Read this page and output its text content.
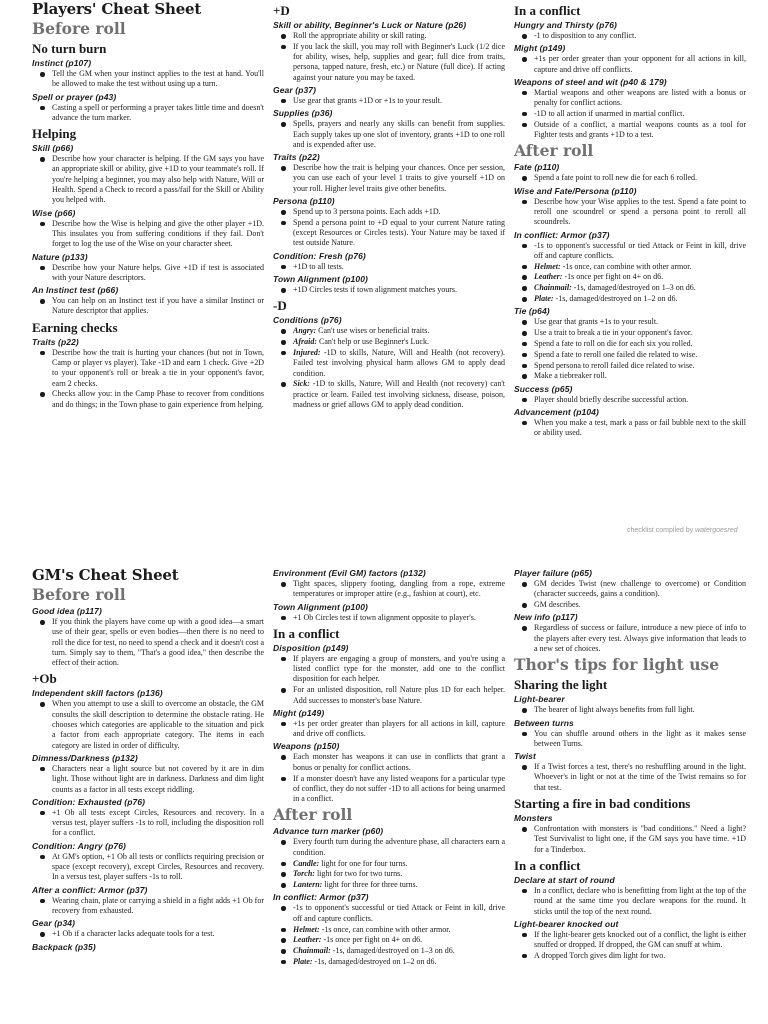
Players' Cheat Sheet
Before roll
No turn burn
Instinct (p107)
Tell the GM when your instinct applies to the test at hand. You'll be allowed to make the test without using up a turn.
Spell or prayer (p43)
Casting a spell or performing a prayer takes little time and doesn't advance the turn marker.
Helping
Skill (p66)
Describe how your character is helping. If the GM says you have an appropriate skill or ability, give +1D to your teammate's roll. If you're helping a beginner, you may also help with Nature, Will or Health. Spend a Check to record a pass/fail for the Skill or Ability you helped with.
Wise (p66)
Describe how the Wise is helping and give the other player +1D. This insulates you from suffering conditions if they fail. Don't forget to log the use of the Wise on your character sheet.
Nature (p133)
Describe how your Nature helps. Give +1D if test is associated with your Nature descriptors.
An Instinct test (p66)
You can help on an Instinct test if you have a similar Instinct or Nature descriptor that applies.
Earning checks
Traits (p22)
Describe how the trait is hurting your chances (but not in Town, Camp or player vs player). Take -1D and earn 1 check. Give +2D to your opponent's roll or break a tie in your opponent's favor, earn 2 checks.
Checks allow you: in the Camp Phase to recover from conditions and do things; in the Town phase to gain experience from helping.
+D
Skill or ability, Beginner's Luck or Nature (p26)
Roll the appropriate ability or skill rating.
If you lack the skill, you may roll with Beginner's Luck (1/2 dice for ability, wises, help, supplies and gear; full dice from traits, persona, tapped nature, fresh, etc.) or Nature (full dice). If acting against your nature you may be taxed.
Gear (p37)
Use gear that grants +1D or +1s to your result.
Supplies (p36)
Spells, prayers and nearly any skills can benefit from supplies. Each supply takes up one slot of inventory, grants +1D to one roll and is expended after use.
Traits (p22)
Describe how the trait is helping your chances. Once per session, you can use each of your level 1 traits to give yourself +1D on your roll. Higher level traits give other benefits.
Persona (p110)
Spend up to 3 persona points. Each adds +1D.
Spend a persona point to +D equal to your current Nature rating (except Resources or Circles tests). Your Nature may be taxed if test outside Nature.
Condition: Fresh (p76)
+1D to all tests.
Town Alignment (p100)
+1D Circles tests if town alignment matches yours.
-D
Conditions (p76)
Angry: Can't use wises or beneficial traits.
Afraid: Can't help or use Beginner's Luck.
Injured: -1D to skills, Nature, Will and Health (not recovery). Failed test involving physical harm allows GM to apply dead condition.
Sick: -1D to skills, Nature, Will and Health (not recovery) can't practice or learn. Failed test involving sickness, disease, poison, madness or grief allows GM to apply dead condition.
In a conflict
Hungry and Thirsty (p76)
-1 to disposition to any conflict.
Might (p149)
+1s per order greater than your opponent for all actions in kill, capture and drive off conflicts.
Weapons of steel and wit (p40 & 179)
Martial weapons and other weapons are listed with a bonus or penalty for conflict actions.
-1D to all action if unarmed in martial conflict.
Outside of a conflict, a martial weapons counts as a tool for Fighter tests and grants +1D to a test.
After roll
Fate (p110)
Spend a fate point to roll new die for each 6 rolled.
Wise and Fate/Persona (p110)
Describe how your Wise applies to the test. Spend a fate point to reroll one scoundrel or spend a persona point to reroll all scoundrels.
In conflict: Armor (p37)
-1s to opponent's successful or tied Attack or Feint in kill, drive off and capture conflicts.
Helmet: -1s once, can combine with other armor.
Leather: -1s once per fight on 4+ on d6.
Chainmail: -1s, damaged/destroyed on 1–3 on d6.
Plate: -1s, damaged/destroyed on 1–2 on d6.
Tie (p64)
Use gear that grants +1s to your result.
Use a trait to break a tie in your opponent's favor.
Spend a fate to roll on die for each six you rolled.
Spend a fate to reroll one failed die related to wise.
Spend persona to reroll failed dice related to wise.
Make a tiebreaker roll.
Success (p65)
Player should briefly describe successful action.
Advancement (p104)
When you make a test, mark a pass or fail bubble next to the skill or ability used.
checklist compiled by watergoesred
GM's Cheat Sheet
Before roll
Good idea (p117)
If you think the players have come up with a good idea—a smart use of their gear, spells or even bodies—then there is no need to roll the dice for test, no need to spend a check and it doesn't cost a turn. Simply say to them, "That's a good idea," then describe the effect of their action.
+Ob
Independent skill factors (p136)
When you attempt to use a skill to overcome an obstacle, the GM consults the skill description to determine the obstacle rating. He chooses which categories are applicable to the situation and pick a factor from each appropriate category. The items in each category are listed in order of difficulty.
Dimness/Darkness (p132)
Characters near a light source but not covered by it are in dim light. Those without light are in darkness. Darkness and dim light counts as a factor in all tests except riddling.
Condition: Exhausted (p76)
+1 Ob all tests except Circles, Resources and recovery. In a versus test, player suffers -1s to roll, including the disposition roll for a conflict.
Condition: Angry (p76)
At GM's option, +1 Ob all tests or conflicts requiring precision or space (except recovery), except Circles, Resources and recovery. In a versus test, player suffers -1s to roll.
After a conflict: Armor (p37)
Wearing chain, plate or carrying a shield in a fight adds +1 Ob for recovery from exhausted.
Gear (p34)
+1 Ob if a character lacks adequate tools for a test.
Backpack (p35)
Environment (Evil GM) factors (p132)
Tight spaces, slippery footing, dangling from a rope, extreme temperatures or improper attire (e.g., fashion at court), etc.
Town Alignment (p100)
+1 Ob Circles test if town alignment opposite to player's.
In a conflict
Disposition (p149)
If players are engaging a group of monsters, and you're using a listed conflict type for the monster, add one to the conflict disposition for each helper.
For an unlisted disposition, roll Nature plus 1D for each helper. Add successes to monster's base Nature.
Might (p149)
+1s per order greater than players for all actions in kill, capture and drive off conflicts.
Weapons (p150)
Each monster has weapons it can use in conflicts that grant a bonus or penalty for conflict actions.
If a monster doesn't have any listed weapons for a particular type of conflict, they do not suffer -1D to all actions for being unarmed in a conflict.
After roll
Advance turn marker (p60)
Every fourth turn during the adventure phase, all characters earn a condition.
Candle: light for one for four turns.
Torch: light for two for two turns.
Lantern: light for three for three turns.
In conflict: Armor (p37)
-1s to opponent's successful or tied Attack or Feint in kill, drive off and capture conflicts.
Helmet: -1s once, can combine with other armor.
Leather: -1s once per fight on 4+ on d6.
Chainmail: -1s, damaged/destroyed on 1–3 on d6.
Plate: -1s, damaged/destroyed on 1–2 on d6.
Player failure (p65)
GM decides Twist (new challenge to overcome) or Condition (character succeeds, gains a condition).
GM describes.
New info (p117)
Regardless of success or failure, introduce a new piece of info to the players after every test. Always give information that leads to a new set of choices.
Thor's tips for light use
Sharing the light
Light-bearer
The bearer of light always benefits from full light.
Between turns
You can shuffle around others in the light as it makes sense between Turns.
Twist
If a Twist forces a test, there's no reshuffling around in the light. Whoever's in light or not at the time of the Twist remains so for that test.
Starting a fire in bad conditions
Monsters
Confrontation with monsters is "bad conditions." Need a light? Test Survivalist to light one, if the GM says you have time. +1D for a Tinderbox.
In a conflict
Declare at start of round
In a conflict, declare who is benefitting from light at the top of the round at the same time you declare weapons for the round. It sticks until the top of the next round.
Light-bearer knocked out
If the light-bearer gets knocked out of a conflict, the light is either snuffed or dropped. If dropped, the GM can snuff at whim.
A dropped Torch gives dim light for two.
